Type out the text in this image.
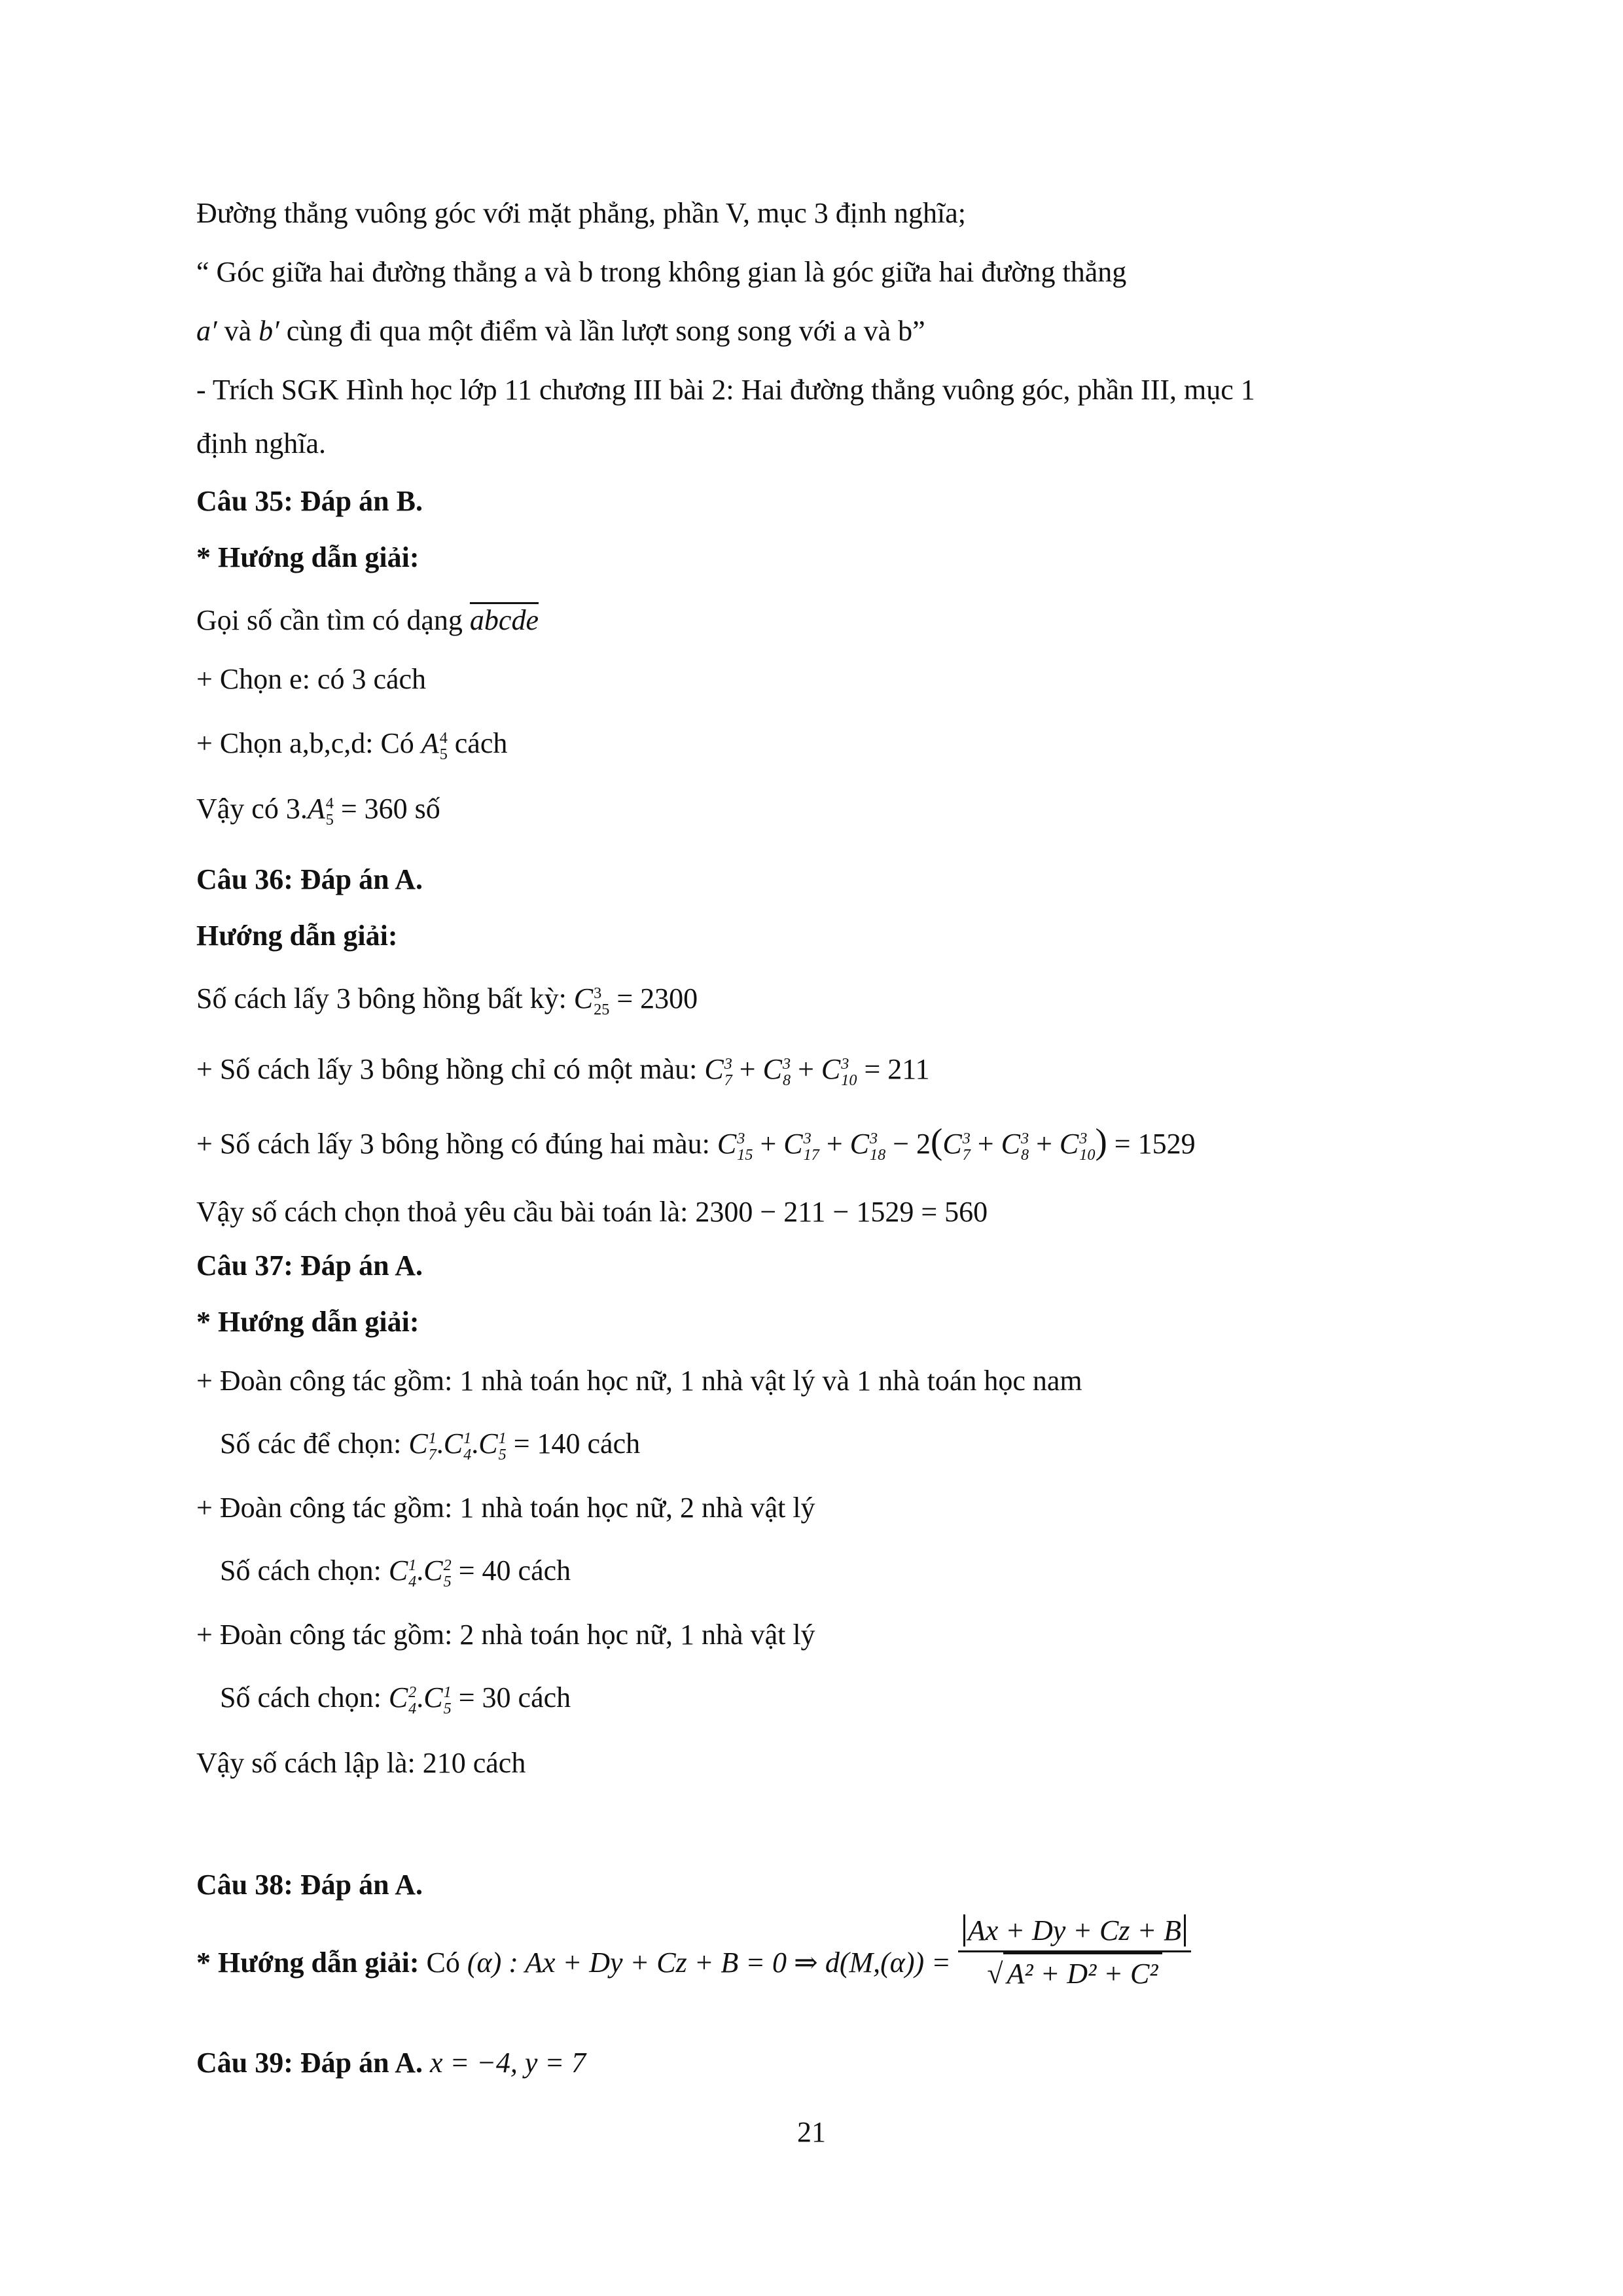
Đường thẳng vuông góc với mặt phẳng, phần V, mục 3 định nghĩa;
“ Góc giữa hai đường thẳng a và b trong không gian là góc giữa hai đường thẳng
a′ và b′ cùng đi qua một điểm và lần lượt song song với a và b”
- Trích SGK Hình học lớp 11 chương III bài 2: Hai đường thẳng vuông góc, phần III, mục 1
định nghĩa.
Câu 35: Đáp án B.
* Hướng dẫn giải:
Gọi số cần tìm có dạng abcde
+ Chọn e: có 3 cách
+ Chọn a,b,c,d: Có A 4
5 cách
Vậy có 3.A 4
5 = 360 số
Câu 36: Đáp án A.
Hướng dẫn giải:
Số cách lấy 3 bông hồng bất kỳ: C 3
25 = 2300
+ Số cách lấy 3 bông hồng chỉ có một màu: C 3
7 + C 3
8 + C 3
10 = 211
+ Số cách lấy 3 bông hồng có đúng hai màu: C 3
15 + C 3
17 + C 3
18 − 2(C 3
7 + C 3
8 + C 3
10 ) = 1529
Vậy số cách chọn thoả yêu cầu bài toán là: 2300 − 211 − 1529 = 560
Câu 37: Đáp án A.
* Hướng dẫn giải:
+ Đoàn công tác gồm: 1 nhà toán học nữ, 1 nhà vật lý và 1 nhà toán học nam
Số các để chọn: C 1
7 .C 1
4 .C 1
5 = 140 cách
+ Đoàn công tác gồm: 1 nhà toán học nữ, 2 nhà vật lý
Số cách chọn: C 1
4 .C 2
5 = 40 cách
+ Đoàn công tác gồm: 2 nhà toán học nữ, 1 nhà vật lý
Số cách chọn: C 2
4 .C 1
5 = 30 cách
Vậy số cách lập là: 210 cách
Câu 38: Đáp án A.
* Hướng dẫn giải: Có (α) : Ax + Dy + Cz + B = 0 ⇒ $d(M,(\alpha)) = \frac{Ax + Dy + Cz + B}{\text{√ A² + D² + C²}}$
Câu 39: Đáp án A. x = −4, y = 7
21
